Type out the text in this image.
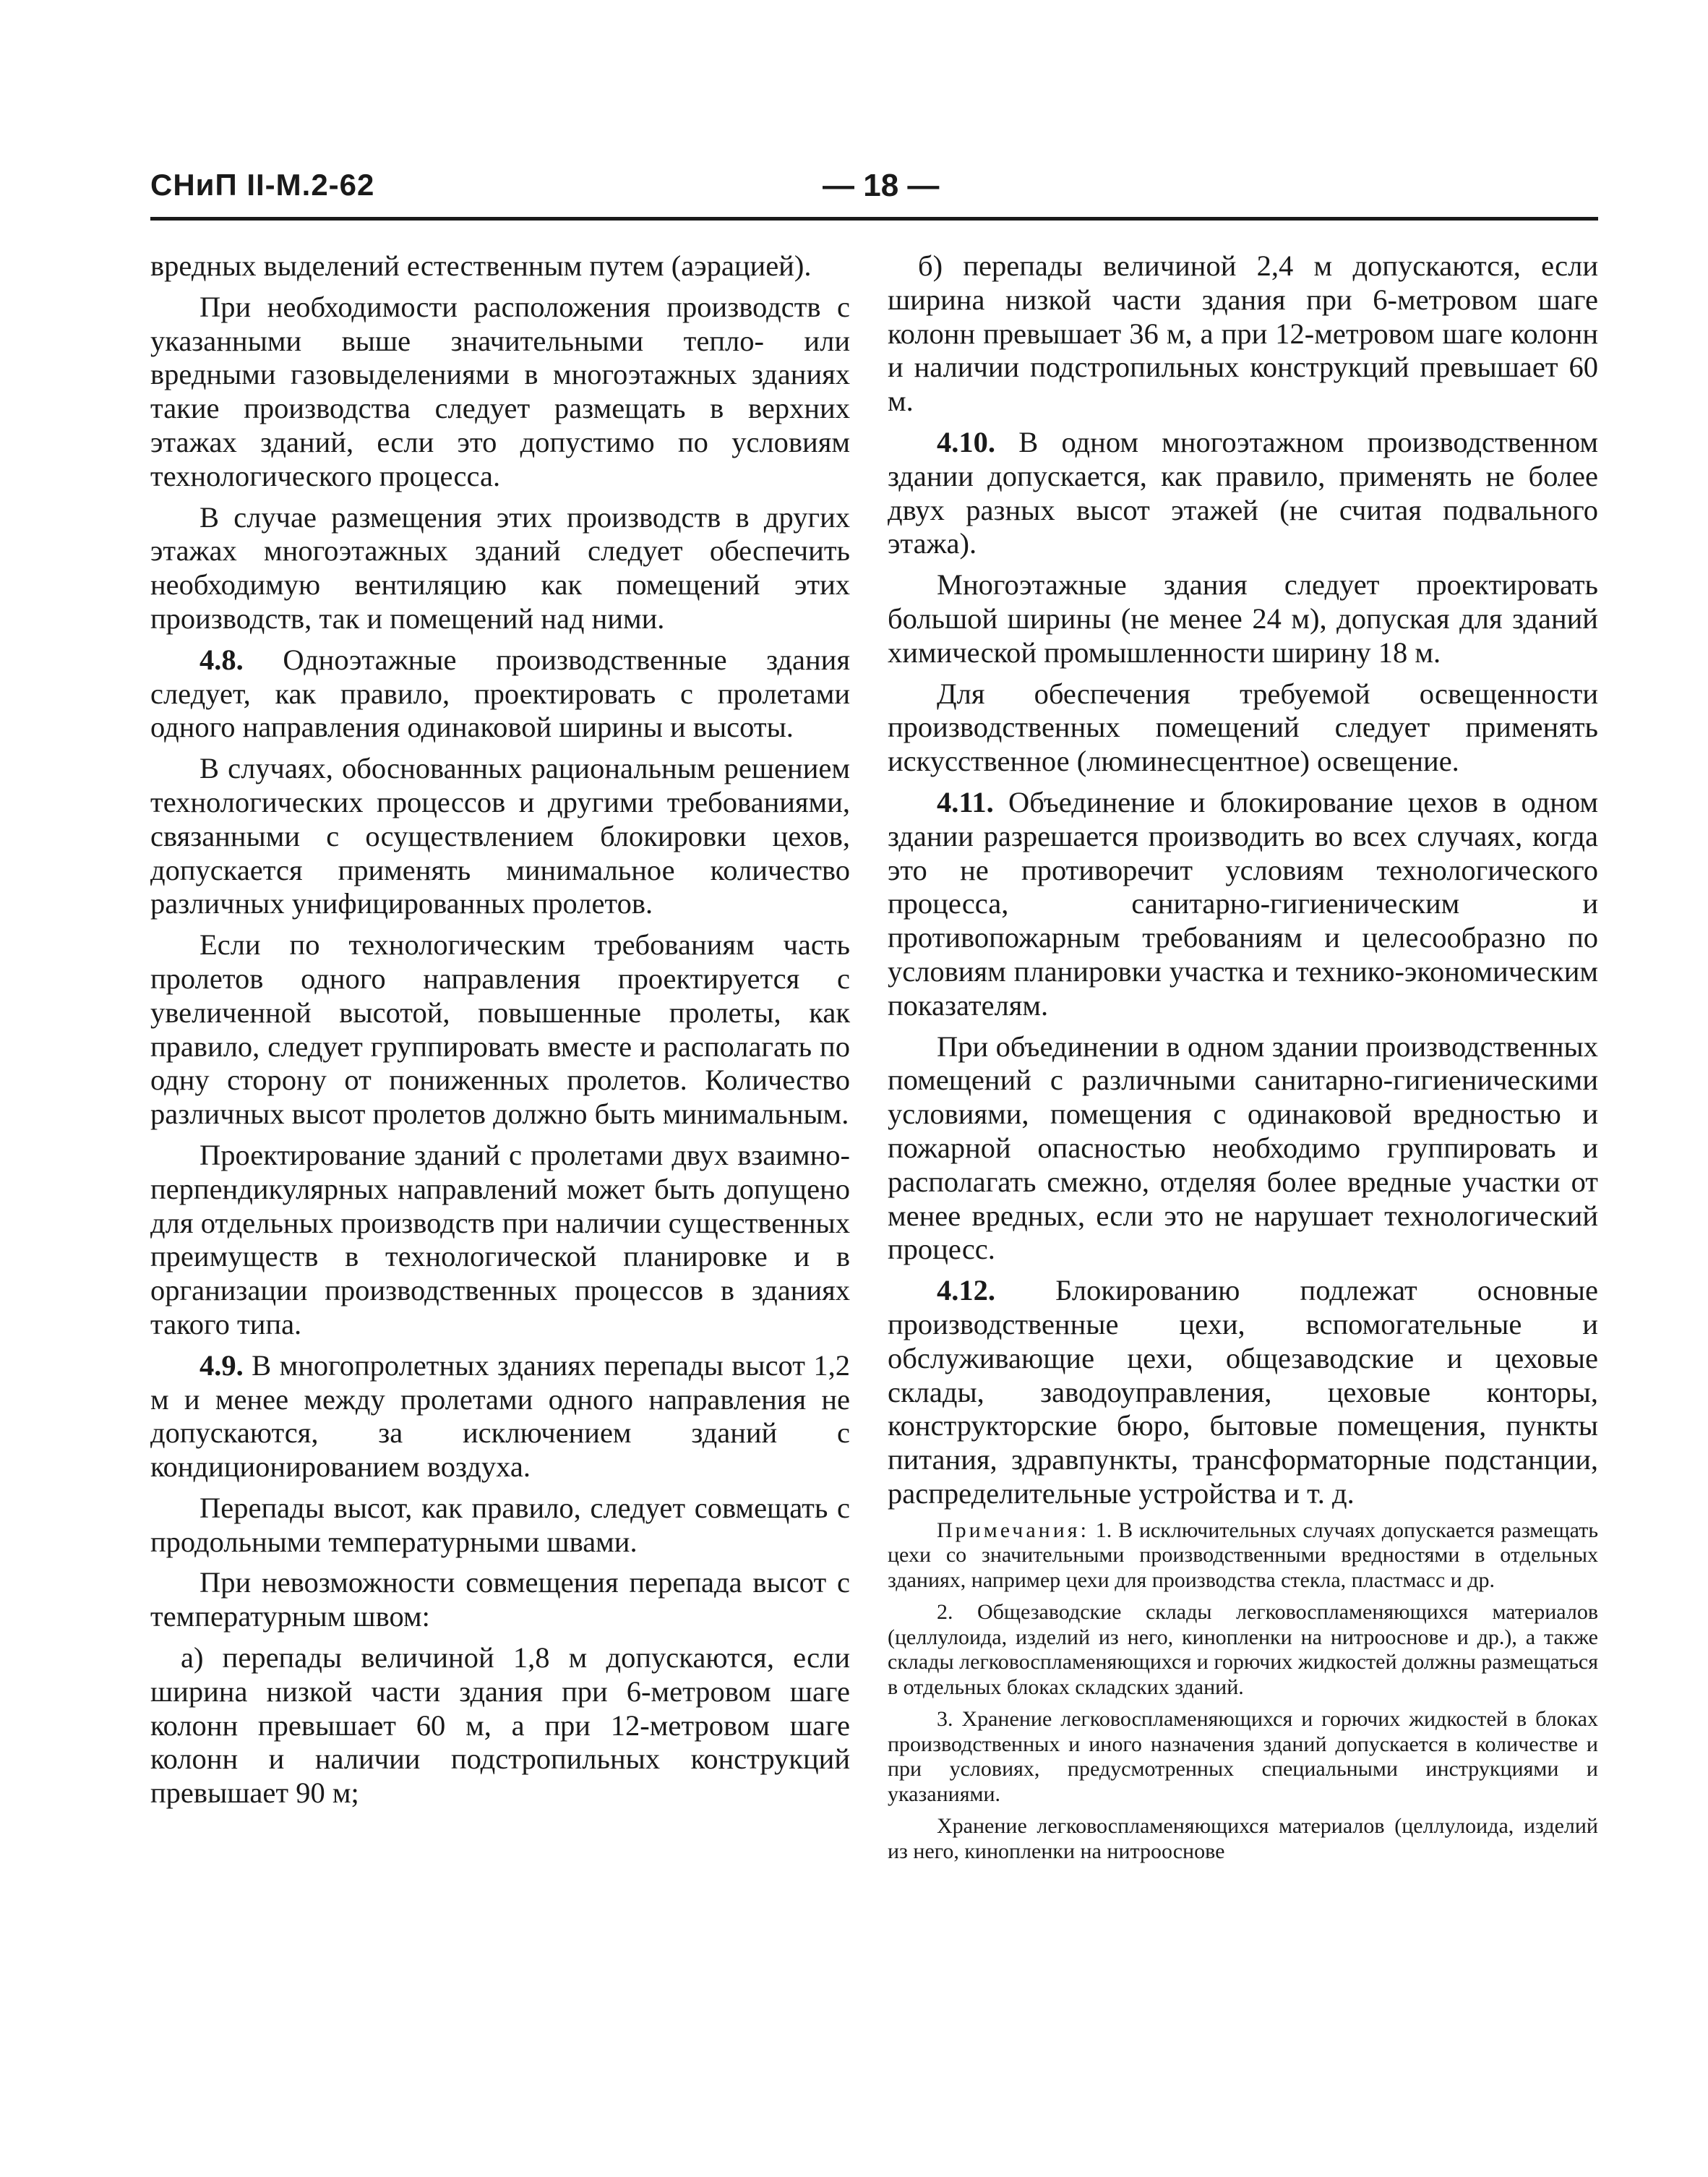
СНиП II-М.2-62	— 18 —

вредных выделений естественным путем (аэрацией).

При необходимости расположения производств с указанными выше значительными тепло- или вредными газовыделениями в многоэтажных зданиях такие производства следует размещать в верхних этажах зданий, если это допустимо по условиям технологического процесса.

В случае размещения этих производств в других этажах многоэтажных зданий следует обеспечить необходимую вентиляцию как помещений этих производств, так и помещений над ними.

4.8. Одноэтажные производственные здания следует, как правило, проектировать с пролетами одного направления одинаковой ширины и высоты.

В случаях, обоснованных рациональным решением технологических процессов и другими требованиями, связанными с осуществлением блокировки цехов, допускается применять минимальное количество различных унифицированных пролетов.

Если по технологическим требованиям часть пролетов одного направления проектируется с увеличенной высотой, повышенные пролеты, как правило, следует группировать вместе и располагать по одну сторону от пониженных пролетов. Количество различных высот пролетов должно быть минимальным.

Проектирование зданий с пролетами двух взаимно-перпендикулярных направлений может быть допущено для отдельных производств при наличии существенных преимуществ в технологической планировке и в организации производственных процессов в зданиях такого типа.

4.9. В многопролетных зданиях перепады высот 1,2 м и менее между пролетами одного направления не допускаются, за исключением зданий с кондиционированием воздуха.

Перепады высот, как правило, следует совмещать с продольными температурными швами.

При невозможности совмещения перепада высот с температурным швом:

а) перепады величиной 1,8 м допускаются, если ширина низкой части здания при 6-метровом шаге колонн превышает 60 м, а при 12-метровом шаге колонн и наличии подстропильных конструкций превышает 90 м;

б) перепады величиной 2,4 м допускаются, если ширина низкой части здания при 6-метровом шаге колонн превышает 36 м, а при 12-метровом шаге колонн и наличии подстропильных конструкций превышает 60 м.

4.10. В одном многоэтажном производственном здании допускается, как правило, применять не более двух разных высот этажей (не считая подвального этажа).

Многоэтажные здания следует проектировать большой ширины (не менее 24 м), допуская для зданий химической промышленности ширину 18 м.

Для обеспечения требуемой освещенности производственных помещений следует применять искусственное (люминесцентное) освещение.

4.11. Объединение и блокирование цехов в одном здании разрешается производить во всех случаях, когда это не противоречит условиям технологического процесса, санитарно-гигиеническим и противопожарным требованиям и целесообразно по условиям планировки участка и технико-экономическим показателям.

При объединении в одном здании производственных помещений с различными санитарно-гигиеническими условиями, помещения с одинаковой вредностью и пожарной опасностью необходимо группировать и располагать смежно, отделяя более вредные участки от менее вредных, если это не нарушает технологический процесс.

4.12. Блокированию подлежат основные производственные цехи, вспомогательные и обслуживающие цехи, общезаводские и цеховые склады, заводоуправления, цеховые конторы, конструкторские бюро, бытовые помещения, пункты питания, здравпункты, трансформаторные подстанции, распределительные устройства и т. д.

Примечания: 1. В исключительных случаях допускается размещать цехи со значительными производственными вредностями в отдельных зданиях, например цехи для производства стекла, пластмасс и др.

2. Общезаводские склады легковоспламеняющихся материалов (целлулоида, изделий из него, кинопленки на нитрооснове и др.), а также склады легковоспламеняющихся и горючих жидкостей должны размещаться в отдельных блоках складских зданий.

3. Хранение легковоспламеняющихся и горючих жидкостей в блоках производственных и иного назначения зданий допускается в количестве и при условиях, предусмотренных специальными инструкциями и указаниями.

Хранение легковоспламеняющихся материалов (целлулоида, изделий из него, кинопленки на нитрооснове
